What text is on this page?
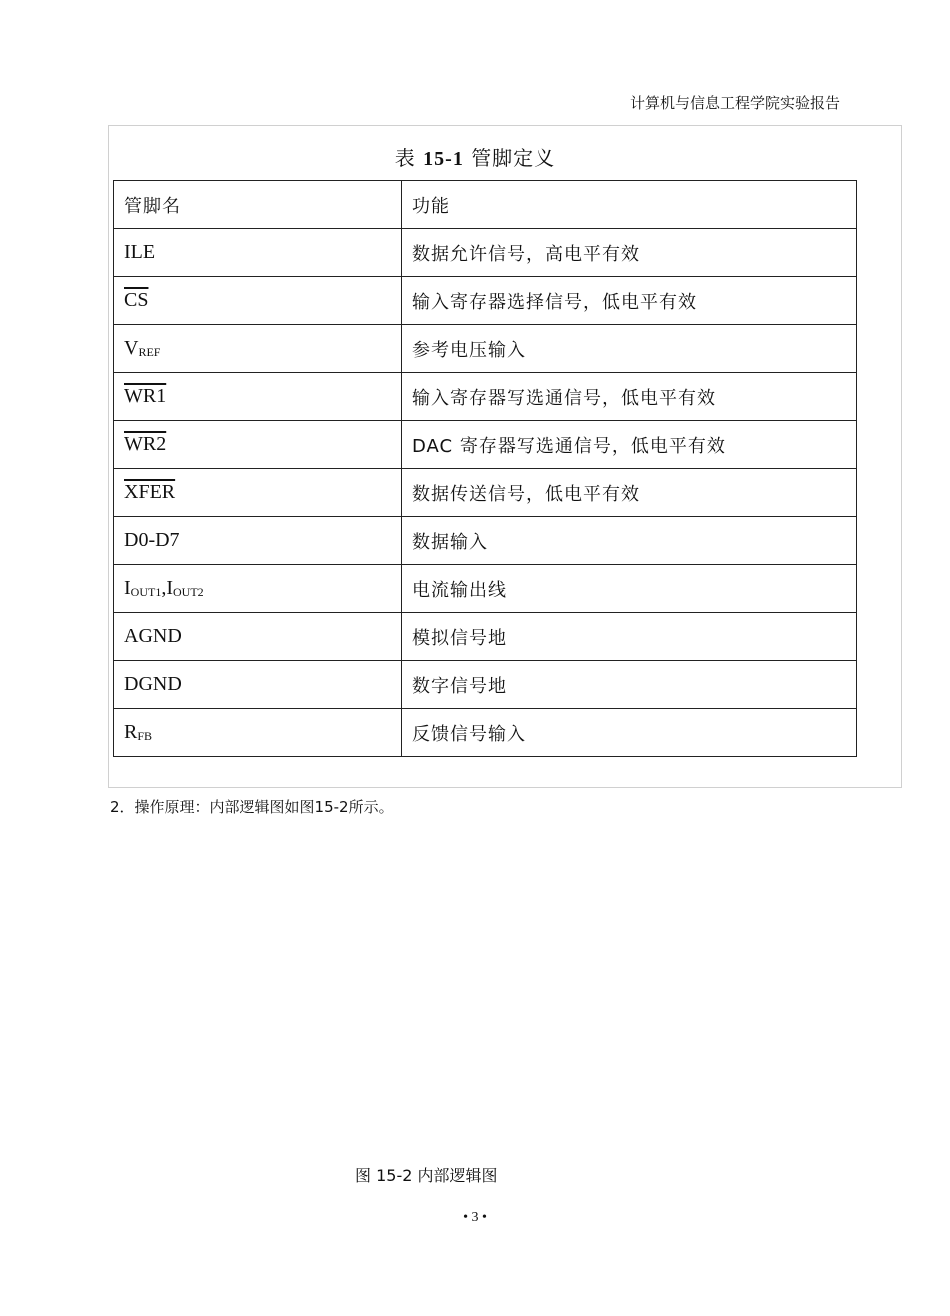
计算机与信息工程学院实验报告
表 15-1 管脚定义
管脚名	功能
ILE	数据允许信号，高电平有效
$\overline{CS}$	输入寄存器选择信号，低电平有效
VREF	参考电压输入
WR1	输入寄存器写选通信号，低电平有效
WR2	DAC 寄存器写选通信号，低电平有效
XFER	数据传送信号，低电平有效
D0-D7	数据输入
IOUT1,IOUT2	电流输出线
AGND	模拟信号地
DGND	数字信号地
RFB	反馈信号输入
2．操作原理：内部逻辑图如图15-2所示。
图 15-2 内部逻辑图
• 3 •
